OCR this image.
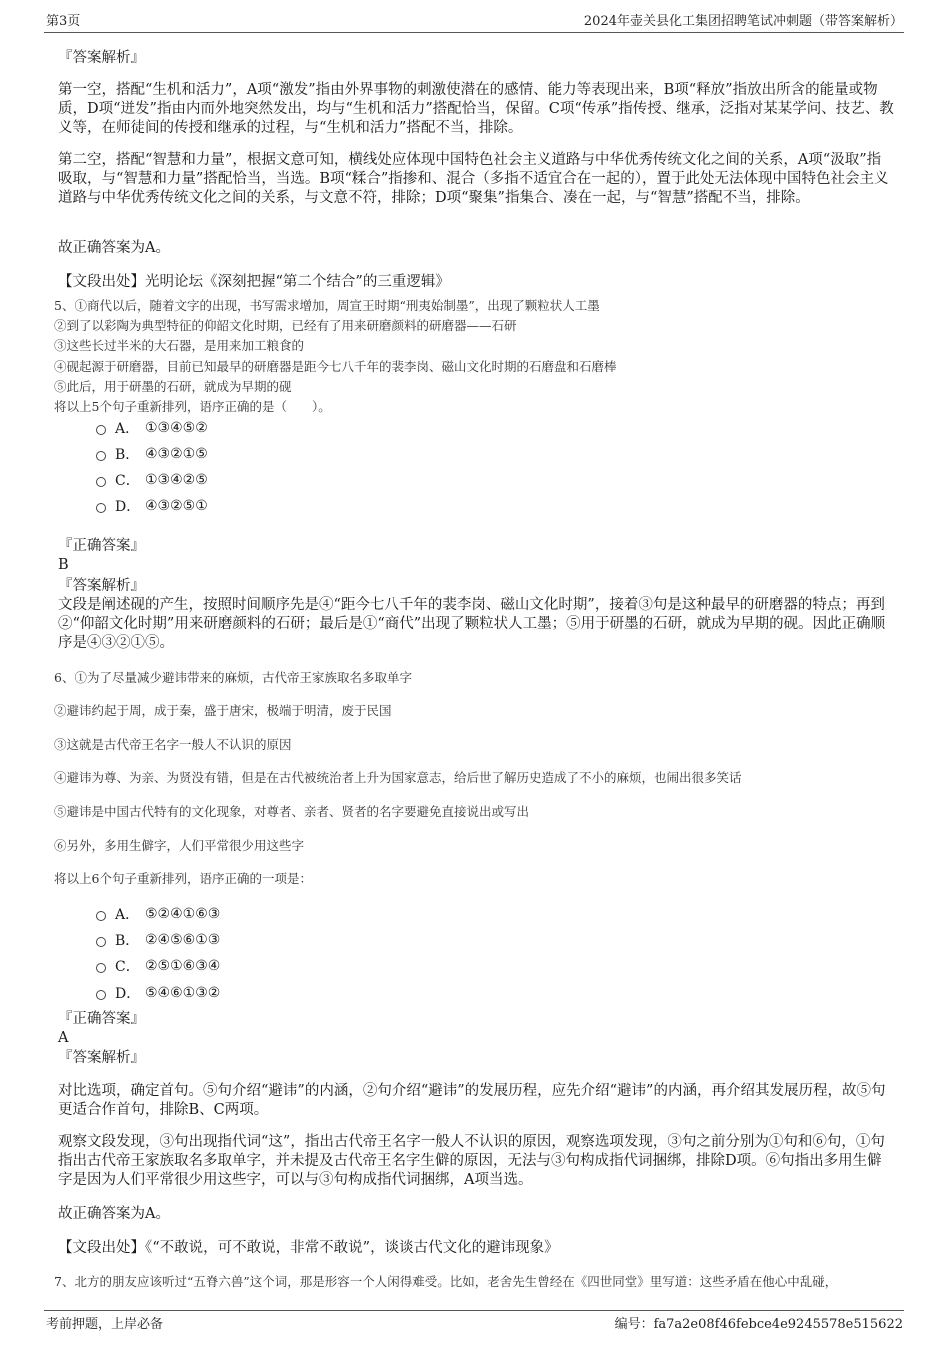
第3页	2024年壶关县化工集团招聘笔试冲刺题（带答案解析）
『答案解析』
第一空，搭配“生机和活力”，A项“激发”指由外界事物的刺激使潜在的感情、能力等表现出来，B项“释放”指放出所含的能量或物质，D项“迸发”指由内而外地突然发出，均与“生机和活力”搭配恰当，保留。C项“传承”指传授、继承，泛指对某某学问、技艺、教义等，在师徒间的传授和继承的过程，与“生机和活力”搭配不当，排除。
第二空，搭配“智慧和力量”，根据文意可知，横线处应体现中国特色社会主义道路与中华优秀传统文化之间的关系，A项“汲取”指吸取，与“智慧和力量”搭配恰当，当选。B项“糅合”指掺和、混合（多指不适宜合在一起的），置于此处无法体现中国特色社会主义道路与中华优秀传统文化之间的关系，与文意不符，排除；D项“聚集”指集合、凑在一起，与“智慧”搭配不当，排除。
故正确答案为A。
【文段出处】光明论坛《深刻把握“第二个结合”的三重逻辑》
5、①商代以后，随着文字的出现，书写需求增加，周宣王时期“刑夷始制墨”，出现了颗粒状人工墨
②到了以彩陶为典型特征的仰韶文化时期，已经有了用来研磨颜料的研磨器——石研
③这些长过半米的大石器，是用来加工粮食的
④砚起源于研磨器，目前已知最早的研磨器是距今七八千年的裴李岗、磁山文化时期的石磨盘和石磨棒
⑤此后，用于研墨的石研，就成为早期的砚
将以上5个句子重新排列，语序正确的是（　　）。
A． ①③④⑤②
B． ④③②①⑤
C． ①③④②⑤
D． ④③②⑤①
『正确答案』
B
『答案解析』
文段是阐述砚的产生，按照时间顺序先是④“距今七八千年的裴李岗、磁山文化时期”，接着③句是这种最早的研磨器的特点；再到②“仰韶文化时期”用来研磨颜料的石研；最后是①“商代”出现了颗粒状人工墨；⑤用于研墨的石研，就成为早期的砚。因此正确顺序是④③②①⑤。
6、①为了尽量减少避讳带来的麻烦，古代帝王家族取名多取单字
②避讳约起于周，成于秦，盛于唐宋，极端于明清，废于民国
③这就是古代帝王名字一般人不认识的原因
④避讳为尊、为亲、为贤没有错，但是在古代被统治者上升为国家意志，给后世了解历史造成了不小的麻烦，也闹出很多笑话
⑤避讳是中国古代特有的文化现象，对尊者、亲者、贤者的名字要避免直接说出或写出
⑥另外，多用生僻字，人们平常很少用这些字
将以上6个句子重新排列，语序正确的一项是：
A． ⑤②④①⑥③
B． ②④⑤⑥①③
C． ②⑤①⑥③④
D． ⑤④⑥①③②
『正确答案』
A
『答案解析』
对比选项，确定首句。⑤句介绍“避讳”的内涵，②句介绍“避讳”的发展历程，应先介绍“避讳”的内涵，再介绍其发展历程，故⑤句更适合作首句，排除B、C两项。
观察文段发现，③句出现指代词“这”，指出古代帝王名字一般人不认识的原因，观察选项发现，③句之前分别为①句和⑥句，①句指出古代帝王家族取名多取单字，并未提及古代帝王名字生僻的原因，无法与③句构成指代词捆绑，排除D项。⑥句指出多用生僻字是因为人们平常很少用这些字，可以与③句构成指代词捆绑，A项当选。
故正确答案为A。
【文段出处】《“不敢说，可不敢说，非常不敢说”，谈谈古代文化的避讳现象》
7、北方的朋友应该听过“五脊六兽”这个词，那是形容一个人闲得难受。比如，老舍先生曾经在《四世同堂》里写道：这些矛盾在他心中乱碰，
考前押题，上岸必备	编号：fa7a2e08f46febce4e9245578e515622
